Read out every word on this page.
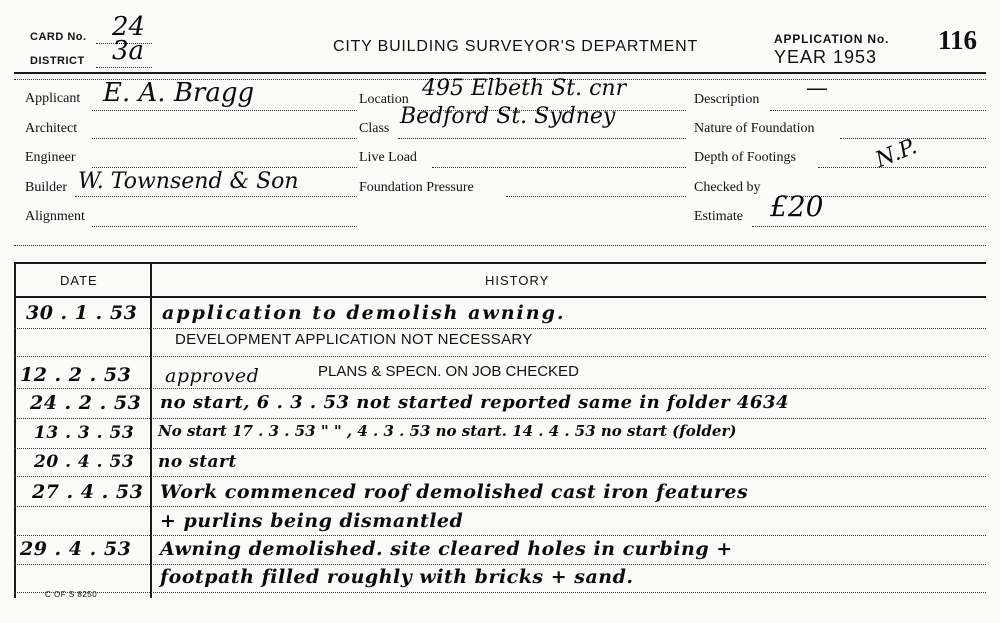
CARD No. 24
DISTRICT 3a	CITY BUILDING SURVEYOR'S DEPARTMENT	APPLICATION No. 116
YEAR 1953
Applicant E. A. Bragg
Architect
Engineer
Builder W. Townsend & Son
Alignment
Location 495 Elbeth St. cnr
Class Bedford St. Sydney
Live Load
Foundation Pressure
Description —
Nature of Foundation
Depth of Footings	N.P.
Checked by
Estimate £20
DATE	HISTORY
30 . 1 . 53 application to demolish awning.
DEVELOPMENT APPLICATION NOT NECESSARY
12 . 2 . 53 approved	PLANS & SPECN. ON JOB CHECKED
24 . 2 . 53 no start, 6 . 3 . 53 not started reported same in folder 4634
13 . 3 . 53 No start 17 . 3 . 53 " " , 4 . 3 . 53 no start. 14 . 4 . 53 no start (folder)
20 . 4 . 53 no start
27 . 4 . 53 Work commenced roof demolished cast iron features
+ purlins being dismantled
29 . 4 . 53 Awning demolished. site cleared holes in curbing +
footpath filled roughly with bricks + sand.
C OF S 8250
